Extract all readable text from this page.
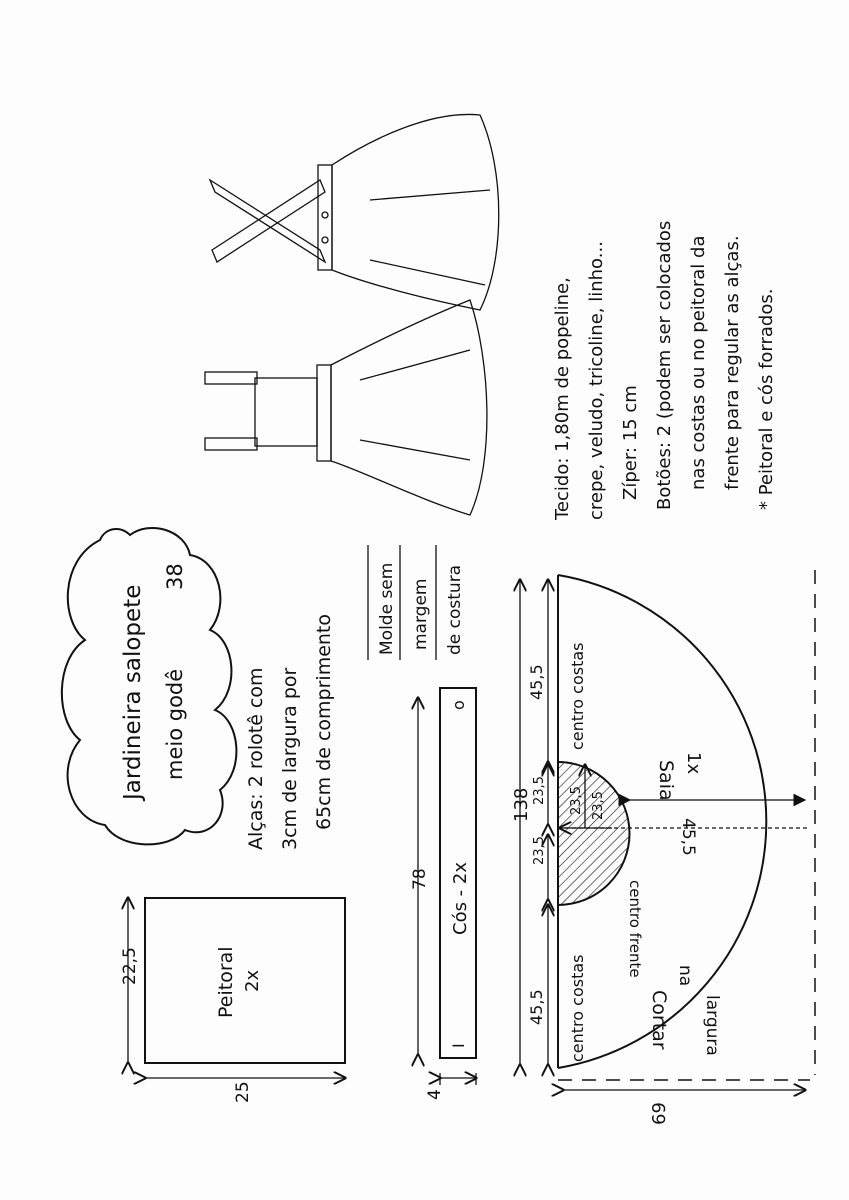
Jardineira salopete meio godê
38
Alças: 2 rolotê com 3cm de largura por 65cm de comprimento
Molde sem margem de costura
Peitoral 2x
22,5
25
78 Cós - 2x
I
o
4
138
45,5
45,5
23,5
23,5 23,5 23,5
centro costas
centro costas
centro frente
Saia 1x
Cortar
na
largura
45,5
69
Tecido: 1,80m de popeline, crepe, veludo, tricoline, linho... Zíper: 15 cm Botões: 2 (podem ser colocados nas costas ou no peitoral da frente para regular as alças. * Peitoral e cós forrados.
